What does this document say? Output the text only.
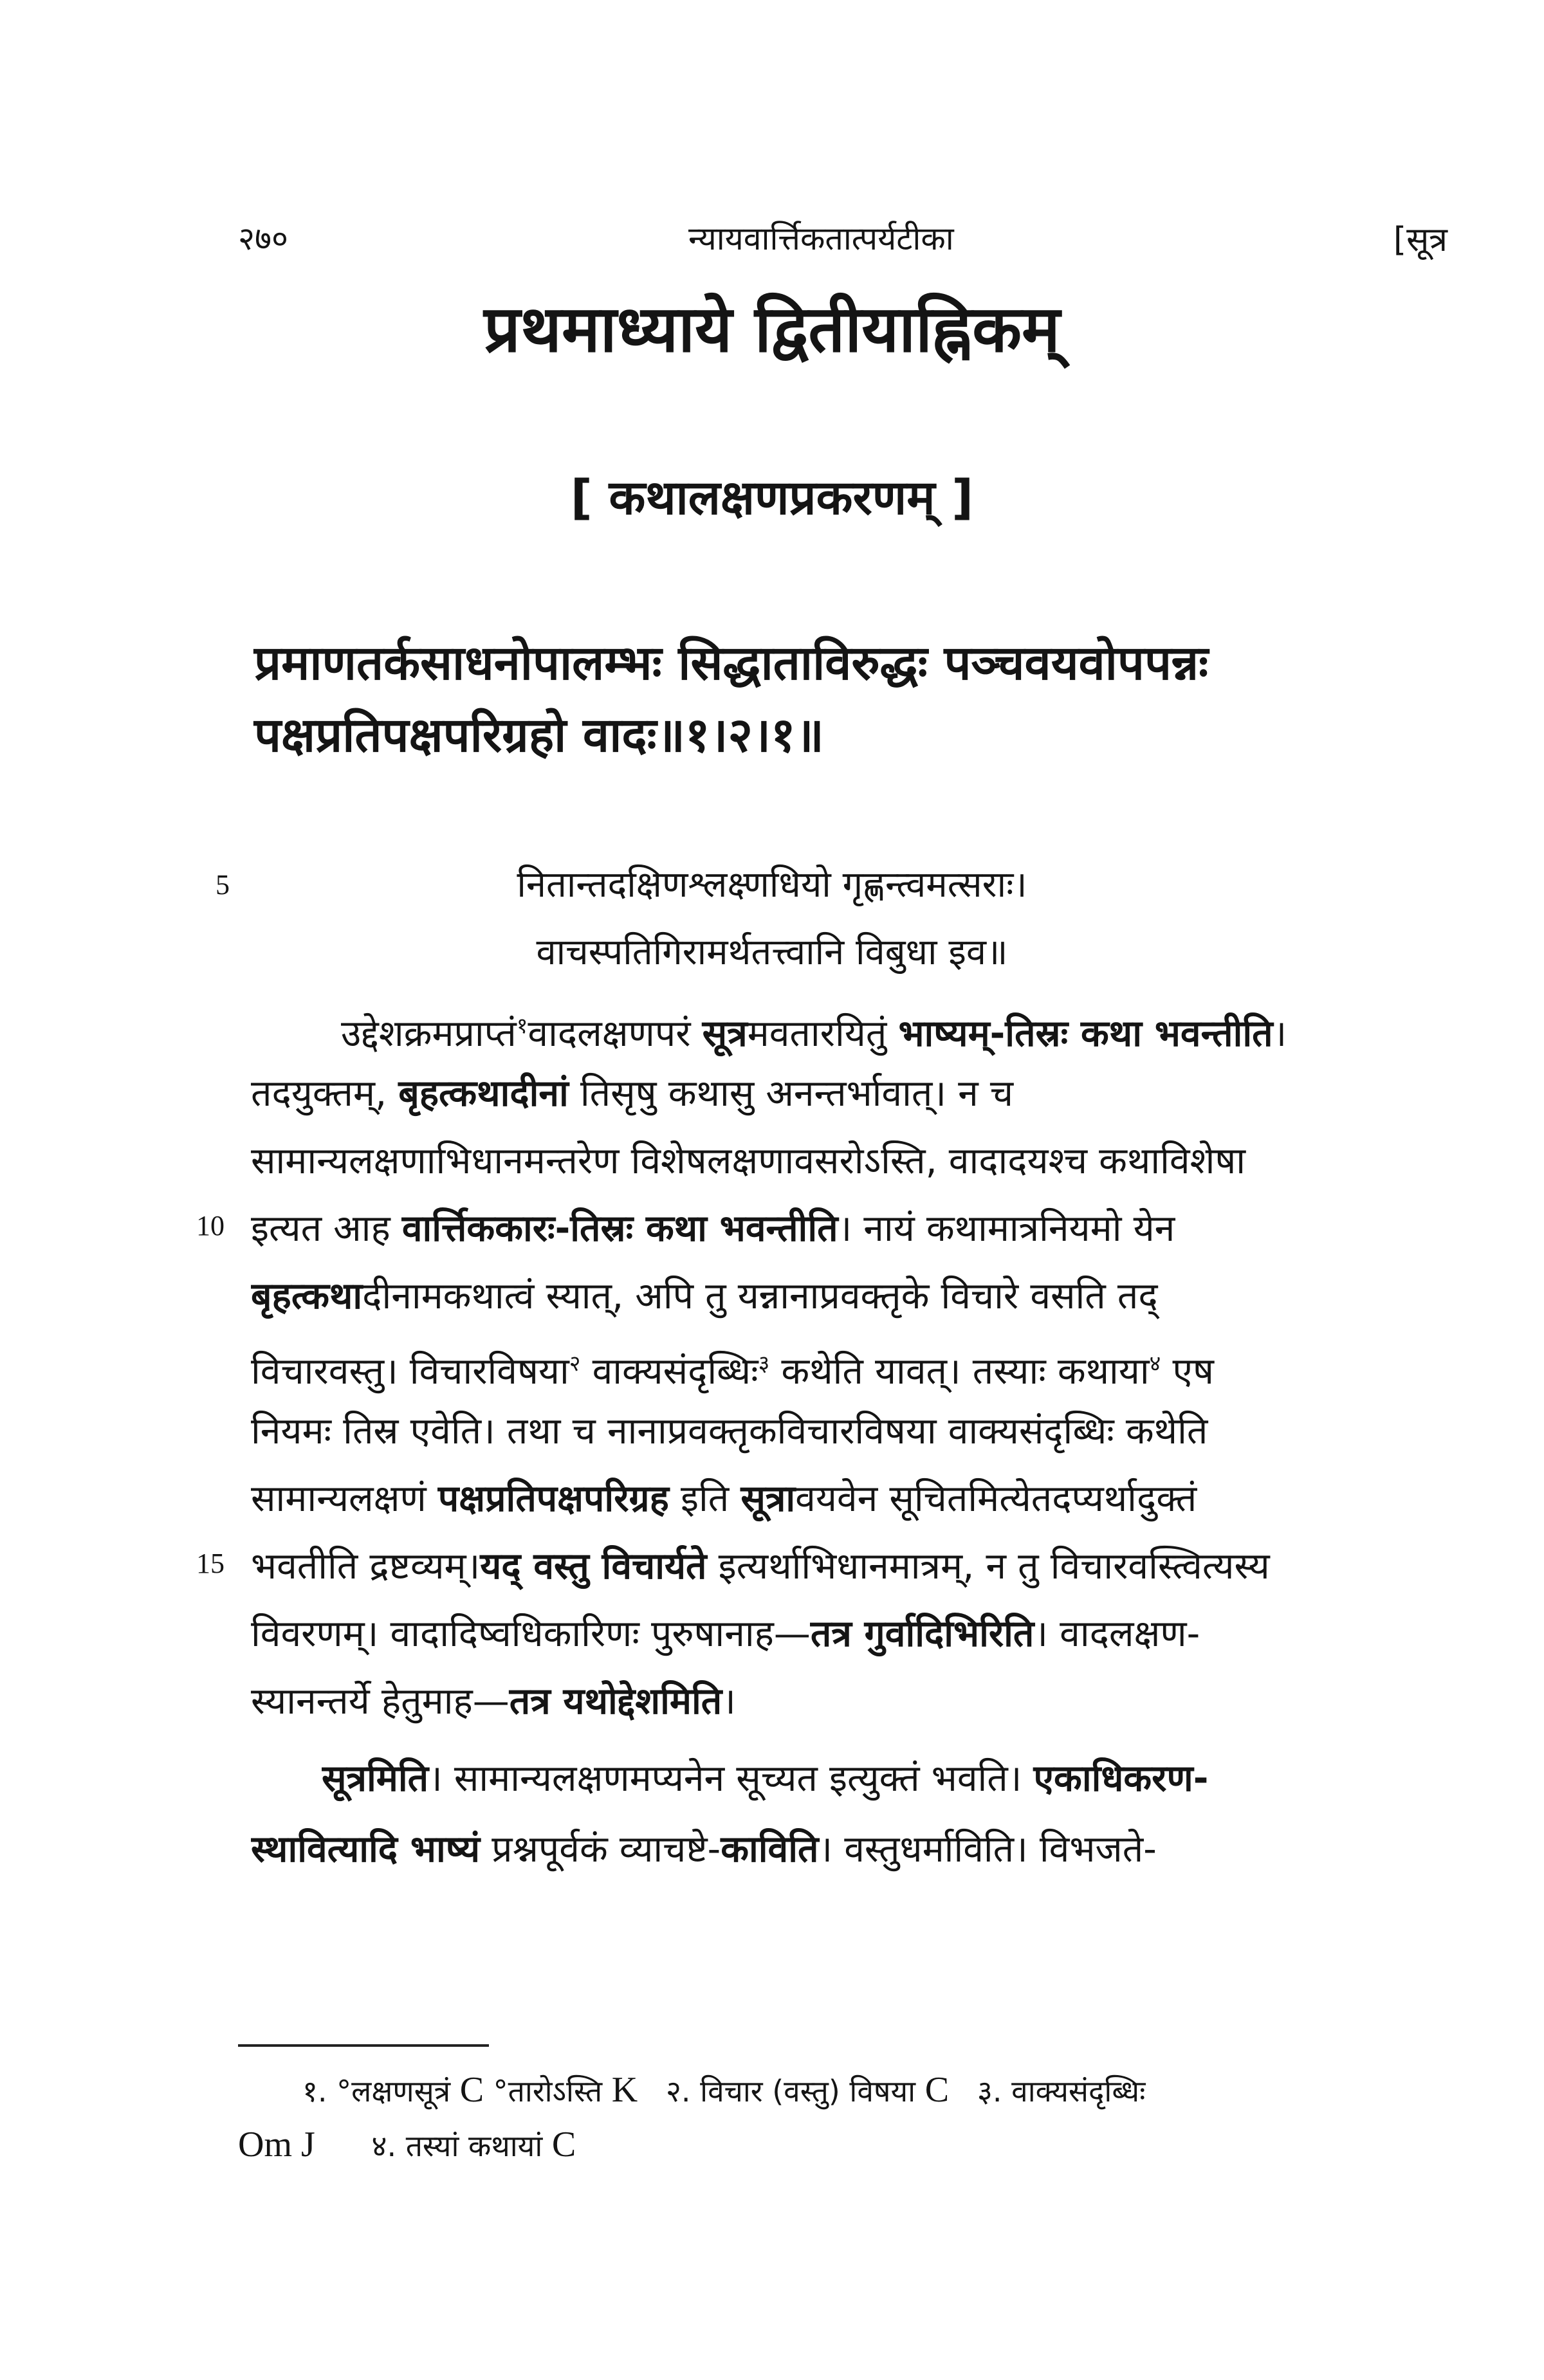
२७०	न्यायवार्त्तिकतात्पर्यटीका	[सूत्र
प्रथमाध्याये द्वितीयाह्निकम्
[ कथालक्षणप्रकरणम् ]
प्रमाणतर्कसाधनोपालम्भः सिद्धाताविरुद्धः पञ्चवयवोपपन्नः
पक्षप्रतिपक्षपरिग्रहो वादः॥१।२।१॥
5	नितान्तदक्षिणश्लक्ष्णधियो गृह्णन्त्वमत्सराः।
वाचस्पतिगिरामर्थतत्त्वानि विबुधा इव॥
उद्देशक्रमप्राप्तं$^१$वादलक्षणपरं सूत्रमवतारयितुं भाष्यम्-तिस्रः कथा भवन्तीति।
तदयुक्तम्, बृहत्कथादीनां तिसृषु कथासु अनन्तर्भावात्। न च
सामान्यलक्षणाभिधानमन्तरेण विशेषलक्षणावसरोऽस्ति, वादादयश्च कथाविशेषा
10 इत्यत आह वार्त्तिककारः-तिस्रः कथा भवन्तीति। नायं कथामात्रनियमो येन
बृहत्कथादीनामकथात्वं स्यात्, अपि तु यन्नानाप्रवक्तृके विचारे वसति तद्
विचारवस्तु। विचारविषया$^२$ वाक्यसंदृब्धिः$^३$ कथेति यावत्। तस्याः कथाया$^४$ एष
नियमः तिस्र एवेति। तथा च नानाप्रवक्तृकविचारविषया वाक्यसंदृब्धिः कथेति
सामान्यलक्षणं पक्षप्रतिपक्षपरिग्रह इति सूत्रावयवेन सूचितमित्येतदप्यर्थादुक्तं
15 भवतीति द्रष्टव्यम्।यद् वस्तु विचार्यते इत्यर्थाभिधानमात्रम्, न तु विचारवस्त्वित्यस्य
विवरणम्। वादादिष्वधिकारिणः पुरुषानाह—तत्र गुर्वादिभिरिति। वादलक्षण-
स्यानन्तर्ये हेतुमाह—तत्र यथोद्देशमिति।
सूत्रमिति। सामान्यलक्षणमप्यनेन सूच्यत इत्युक्तं भवति। एकाधिकरण-
स्थावित्यादि भाष्यं प्रश्नपूर्वकं व्याचष्टे-काविति। वस्तुधर्माविति। विभजते-
१. °लक्षणसूत्रं C °तारोऽस्ति K   २. विचार (वस्तु) विषया C   ३. वाक्यसंदृब्धिः
Om J      ४. तस्यां कथायां C
